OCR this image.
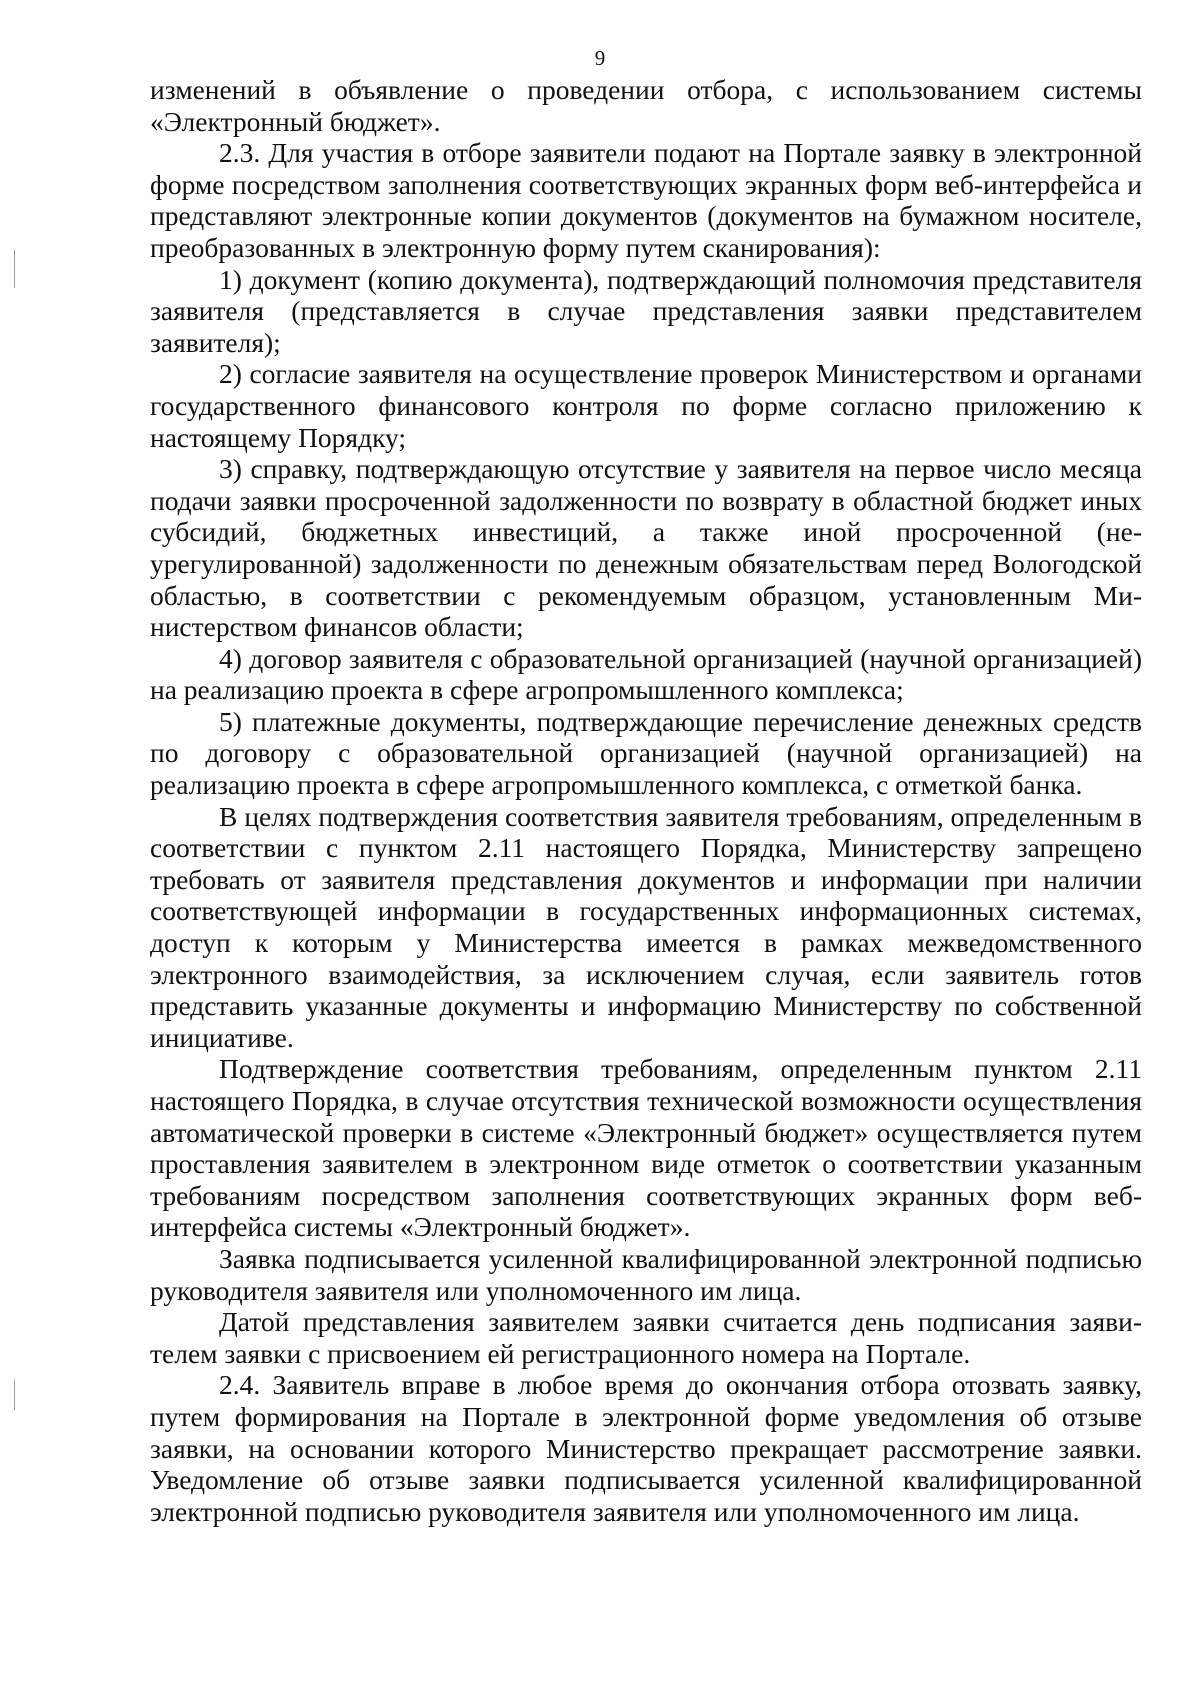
9

изменений в объявление о проведении отбора, с использованием системы «Электронный бюджет».

2.3. Для участия в отборе заявители подают на Портале заявку в электронной форме посредством заполнения соответствующих экранных форм веб-интерфейса и представляют электронные копии документов (документов на бумажном носителе, преобразованных в электронную форму путем сканирования):

1) документ (копию документа), подтверждающий полномочия представителя заявителя (представляется в случае представления заявки представителем заявителя);

2) согласие заявителя на осуществление проверок Министерством и органами государственного финансового контроля по форме согласно приложению к настоящему Порядку;

3) справку, подтверждающую отсутствие у заявителя на первое число месяца подачи заявки просроченной задолженности по возврату в областной бюджет иных субсидий, бюджетных инвестиций, а также иной просроченной (неурегулированной) задолженности по денежным обязательствам перед Вологодской областью, в соответствии с рекомендуемым образцом, установленным Министерством финансов области;

4) договор заявителя с образовательной организацией (научной организацией) на реализацию проекта в сфере агропромышленного комплекса;

5) платежные документы, подтверждающие перечисление денежных средств по договору с образовательной организацией (научной организацией) на реализацию проекта в сфере агропромышленного комплекса, с отметкой банка.

В целях подтверждения соответствия заявителя требованиям, определенным в соответствии с пунктом 2.11 настоящего Порядка, Министерству запрещено требовать от заявителя представления документов и информации при наличии соответствующей информации в государственных информационных системах, доступ к которым у Министерства имеется в рамках межведомственного электронного взаимодействия, за исключением случая, если заявитель готов представить указанные документы и информацию Министерству по собственной инициативе.

Подтверждение соответствия требованиям, определенным пунктом 2.11 настоящего Порядка, в случае отсутствия технической возможности осуществления автоматической проверки в системе «Электронный бюджет» осуществляется путем проставления заявителем в электронном виде отметок о соответствии указанным требованиям посредством заполнения соответствующих экранных форм веб-интерфейса системы «Электронный бюджет».

Заявка подписывается усиленной квалифицированной электронной подписью руководителя заявителя или уполномоченного им лица.

Датой представления заявителем заявки считается день подписания заявителем заявки с присвоением ей регистрационного номера на Портале.

2.4. Заявитель вправе в любое время до окончания отбора отозвать заявку, путем формирования на Портале в электронной форме уведомления об отзыве заявки, на основании которого Министерство прекращает рассмотрение заявки. Уведомление об отзыве заявки подписывается усиленной квалифицированной электронной подписью руководителя заявителя или уполномоченного им лица.
